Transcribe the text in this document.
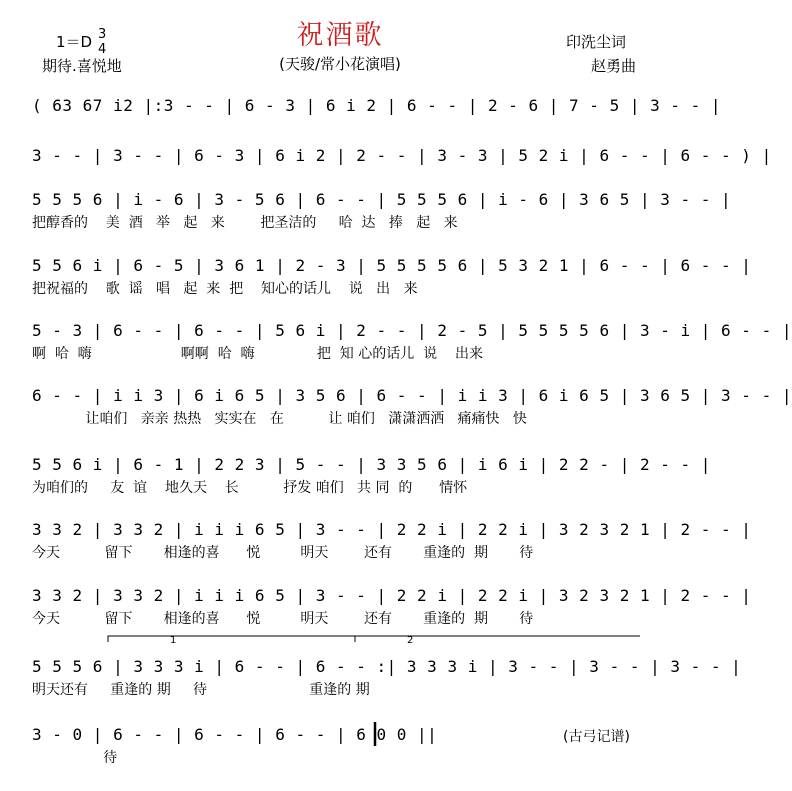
1＝D 3
4
期待.喜悦地
祝酒歌
(天骏/常小花演唱)
印洗尘词
赵勇曲
( 63 67 i2 |:3 - - | 6 - 3 | 6 i 2 | 6 - - | 2 - 6 | 7 - 5 | 3 - - |
3 - - | 3 - - | 6 - 3 | 6 i 2 | 2 - - | 3 - 3 | 5 2 i | 6 - - | 6 - - ) |
5 5 5 6 | i - 6 | 3 - 5 6 | 6 - - | 5 5 5 6 | i - 6 | 3 6 5 | 3 - - |
把醇香的    美  酒   举   起   来        把圣洁的     哈  达   捧   起   来
5 5 6 i | 6 - 5 | 3 6 1 | 2 - 3 | 5 5 5 5 6 | 5 3 2 1 | 6 - - | 6 - - |
把祝福的    歌  谣   唱   起  来  把    知心的话儿    说   出   来
5 - 3 | 6 - - | 6 - - | 5 6 i | 2 - - | 2 - 5 | 5 5 5 5 6 | 3 - i | 6 - - |
啊  哈  嗨                    啊啊  哈  嗨              把  知 心的话儿  说    出来
6 - - | i i 3 | 6 i 6 5 | 3 5 6 | 6 - - | i i 3 | 6 i 6 5 | 3 6 5 | 3 - - |
让咱们   亲亲 热热   实实在   在          让 咱们   潇潇洒洒   痛痛快   快
5 5 6 i | 6 - 1 | 2 2 3 | 5 - - | 3 3 5 6 | i 6 i | 2 2 - | 2 - - |
为咱们的     友  谊    地久天    长          抒发 咱们   共 同  的      情怀
3 3 2 | 3 3 2 | i i i 6 5 | 3 - - | 2 2 i | 2 2 i | 3 2 3 2 1 | 2 - - |
今天          留下       相逢的喜      悦         明天        还有       重逢的  期       待
3 3 2 | 3 3 2 | i i i 6 5 | 3 - - | 2 2 i | 2 2 i | 3 2 3 2 1 | 2 - - |
今天          留下       相逢的喜      悦         明天        还有       重逢的  期       待
5 5 5 6 | 3 3 3 i | 6 - - | 6 - - :| 3 3 3 i | 3 - - | 3 - - | 3 - - |
明天还有     重逢的 期     待                       重逢的 期
3 - 0 | 6 - - | 6 - - | 6 - - | 6 0 0 ||
待
1	2
(古弓记谱)
